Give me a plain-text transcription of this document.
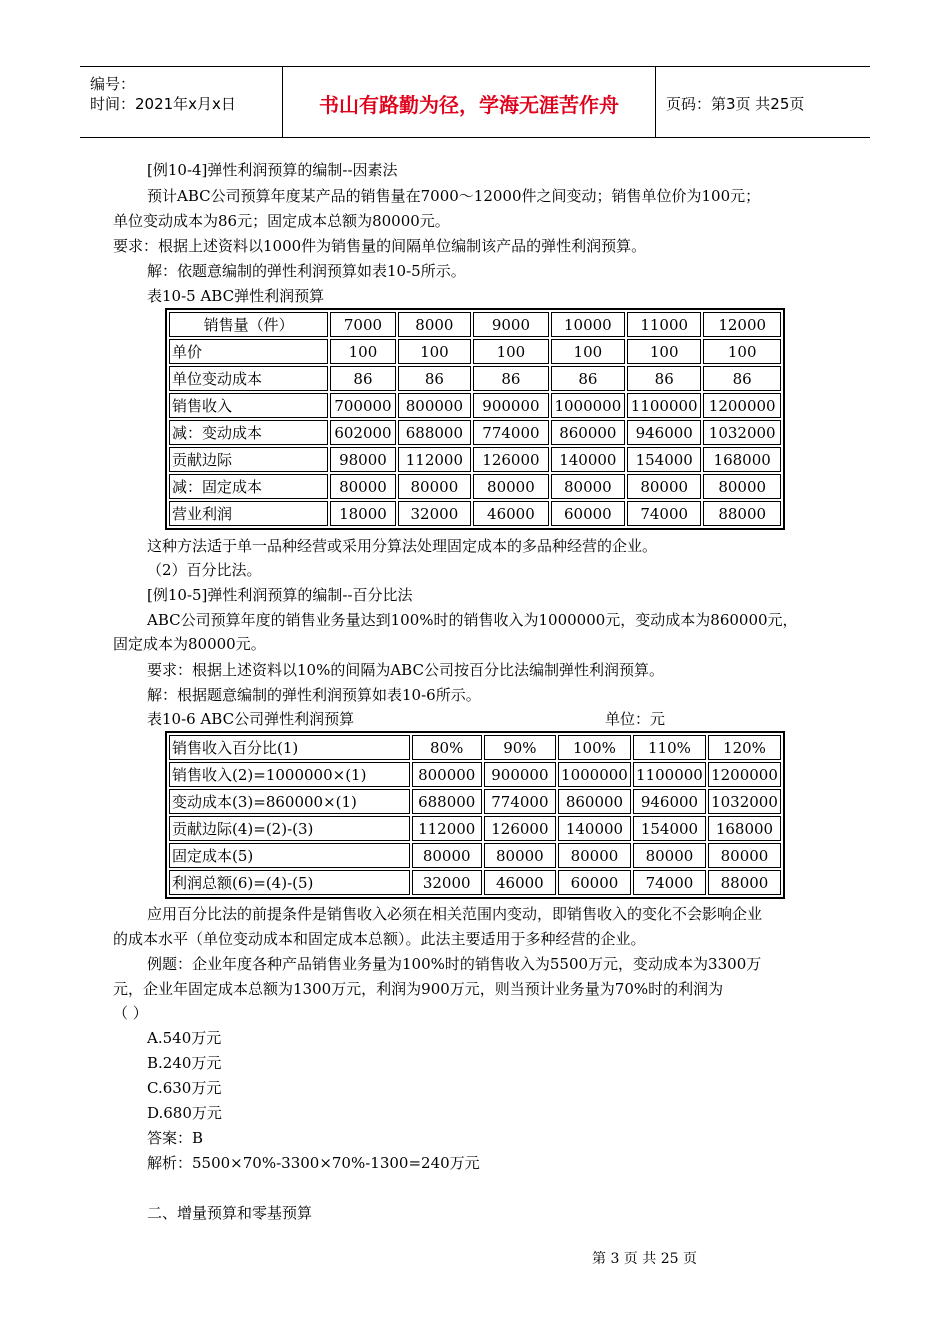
编号：
时间：2021年x月x日	书山有路勤为径，学海无涯苦作舟	页码：第3页 共25页
[例10-4]弹性利润预算的编制--因素法
预计ABC公司预算年度某产品的销售量在7000～12000件之间变动；销售单位价为100元；
单位变动成本为86元；固定成本总额为80000元。
要求：根据上述资料以1000件为销售量的间隔单位编制该产品的弹性利润预算。
解：依题意编制的弹性利润预算如表10-5所示。
表10-5 ABC弹性利润预算
销售量（件）	7000	8000	9000	10000	11000	12000
单价	100	100	100	100	100	100
单位变动成本	86	86	86	86	86	86
销售收入	700000	800000	900000	1000000	1100000	1200000
减：变动成本	602000	688000	774000	860000	946000	1032000
贡献边际	98000	112000	126000	140000	154000	168000
减：固定成本	80000	80000	80000	80000	80000	80000
营业利润	18000	32000	46000	60000	74000	88000
这种方法适于单一品种经营或采用分算法处理固定成本的多品种经营的企业。
（2）百分比法。
[例10-5]弹性利润预算的编制--百分比法
ABC公司预算年度的销售业务量达到100%时的销售收入为1000000元，变动成本为860000元，
固定成本为80000元。
要求：根据上述资料以10%的间隔为ABC公司按百分比法编制弹性利润预算。
解：根据题意编制的弹性利润预算如表10-6所示。
表10-6 ABC公司弹性利润预算	单位：元
销售收入百分比(1)	80%	90%	100%	110%	120%
销售收入(2)=1000000×(1)	800000	900000	1000000	1100000	1200000
变动成本(3)=860000×(1)	688000	774000	860000	946000	1032000
贡献边际(4)=(2)-(3)	112000	126000	140000	154000	168000
固定成本(5)	80000	80000	80000	80000	80000
利润总额(6)=(4)-(5)	32000	46000	60000	74000	88000
应用百分比法的前提条件是销售收入必须在相关范围内变动，即销售收入的变化不会影响企业
的成本水平（单位变动成本和固定成本总额）。此法主要适用于多种经营的企业。
例题：企业年度各种产品销售业务量为100%时的销售收入为5500万元，变动成本为3300万
元，企业年固定成本总额为1300万元，利润为900万元，则当预计业务量为70%时的利润为
（ ）
A.540万元
B.240万元
C.630万元
D.680万元
答案：B
解析：5500×70%-3300×70%-1300=240万元
二、增量预算和零基预算
第 3 页 共 25 页
